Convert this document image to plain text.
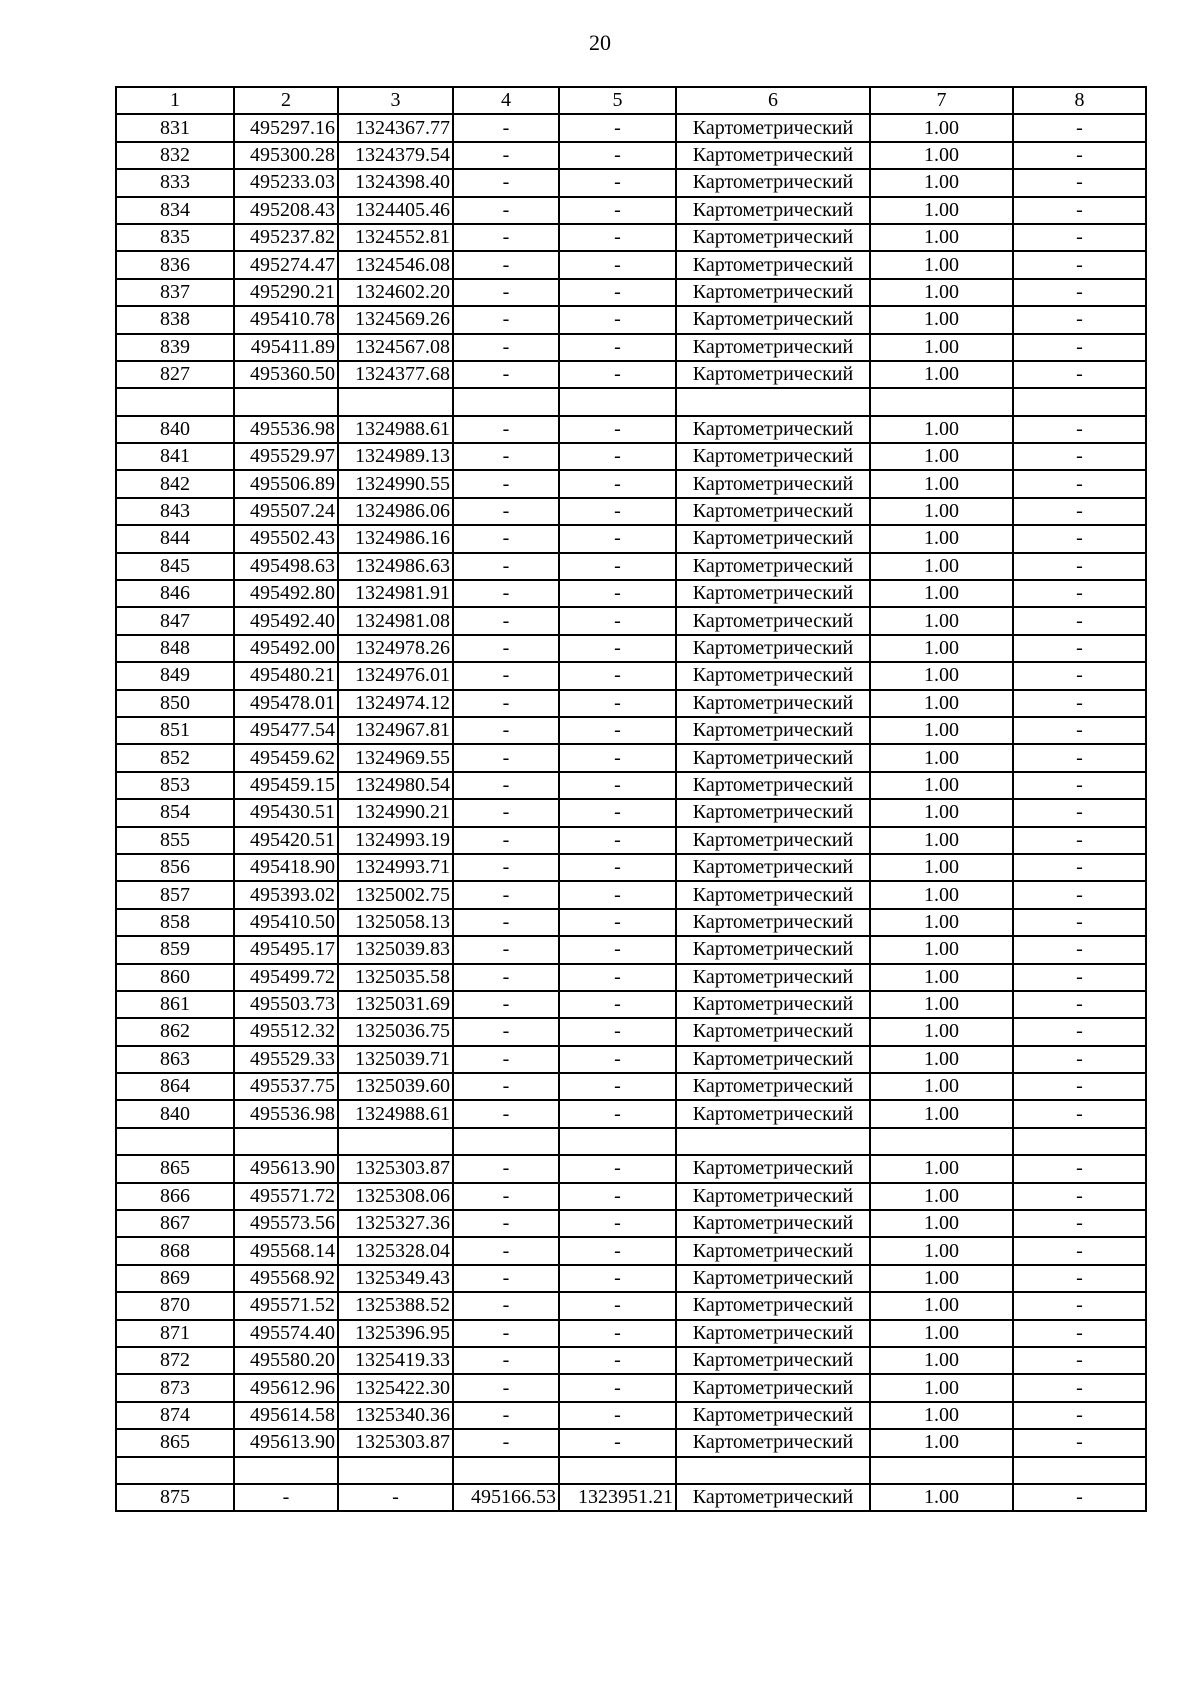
20
1	2	3	4	5	6	7	8
831	495297.16	1324367.77	-	-	Картометрический	1.00	-
832	495300.28	1324379.54	-	-	Картометрический	1.00	-
833	495233.03	1324398.40	-	-	Картометрический	1.00	-
834	495208.43	1324405.46	-	-	Картометрический	1.00	-
835	495237.82	1324552.81	-	-	Картометрический	1.00	-
836	495274.47	1324546.08	-	-	Картометрический	1.00	-
837	495290.21	1324602.20	-	-	Картометрический	1.00	-
838	495410.78	1324569.26	-	-	Картометрический	1.00	-
839	495411.89	1324567.08	-	-	Картометрический	1.00	-
827	495360.50	1324377.68	-	-	Картометрический	1.00	-

840	495536.98	1324988.61	-	-	Картометрический	1.00	-
841	495529.97	1324989.13	-	-	Картометрический	1.00	-
842	495506.89	1324990.55	-	-	Картометрический	1.00	-
843	495507.24	1324986.06	-	-	Картометрический	1.00	-
844	495502.43	1324986.16	-	-	Картометрический	1.00	-
845	495498.63	1324986.63	-	-	Картометрический	1.00	-
846	495492.80	1324981.91	-	-	Картометрический	1.00	-
847	495492.40	1324981.08	-	-	Картометрический	1.00	-
848	495492.00	1324978.26	-	-	Картометрический	1.00	-
849	495480.21	1324976.01	-	-	Картометрический	1.00	-
850	495478.01	1324974.12	-	-	Картометрический	1.00	-
851	495477.54	1324967.81	-	-	Картометрический	1.00	-
852	495459.62	1324969.55	-	-	Картометрический	1.00	-
853	495459.15	1324980.54	-	-	Картометрический	1.00	-
854	495430.51	1324990.21	-	-	Картометрический	1.00	-
855	495420.51	1324993.19	-	-	Картометрический	1.00	-
856	495418.90	1324993.71	-	-	Картометрический	1.00	-
857	495393.02	1325002.75	-	-	Картометрический	1.00	-
858	495410.50	1325058.13	-	-	Картометрический	1.00	-
859	495495.17	1325039.83	-	-	Картометрический	1.00	-
860	495499.72	1325035.58	-	-	Картометрический	1.00	-
861	495503.73	1325031.69	-	-	Картометрический	1.00	-
862	495512.32	1325036.75	-	-	Картометрический	1.00	-
863	495529.33	1325039.71	-	-	Картометрический	1.00	-
864	495537.75	1325039.60	-	-	Картометрический	1.00	-
840	495536.98	1324988.61	-	-	Картометрический	1.00	-

865	495613.90	1325303.87	-	-	Картометрический	1.00	-
866	495571.72	1325308.06	-	-	Картометрический	1.00	-
867	495573.56	1325327.36	-	-	Картометрический	1.00	-
868	495568.14	1325328.04	-	-	Картометрический	1.00	-
869	495568.92	1325349.43	-	-	Картометрический	1.00	-
870	495571.52	1325388.52	-	-	Картометрический	1.00	-
871	495574.40	1325396.95	-	-	Картометрический	1.00	-
872	495580.20	1325419.33	-	-	Картометрический	1.00	-
873	495612.96	1325422.30	-	-	Картометрический	1.00	-
874	495614.58	1325340.36	-	-	Картометрический	1.00	-
865	495613.90	1325303.87	-	-	Картометрический	1.00	-

875	-	-	495166.53	1323951.21	Картометрический	1.00	-
